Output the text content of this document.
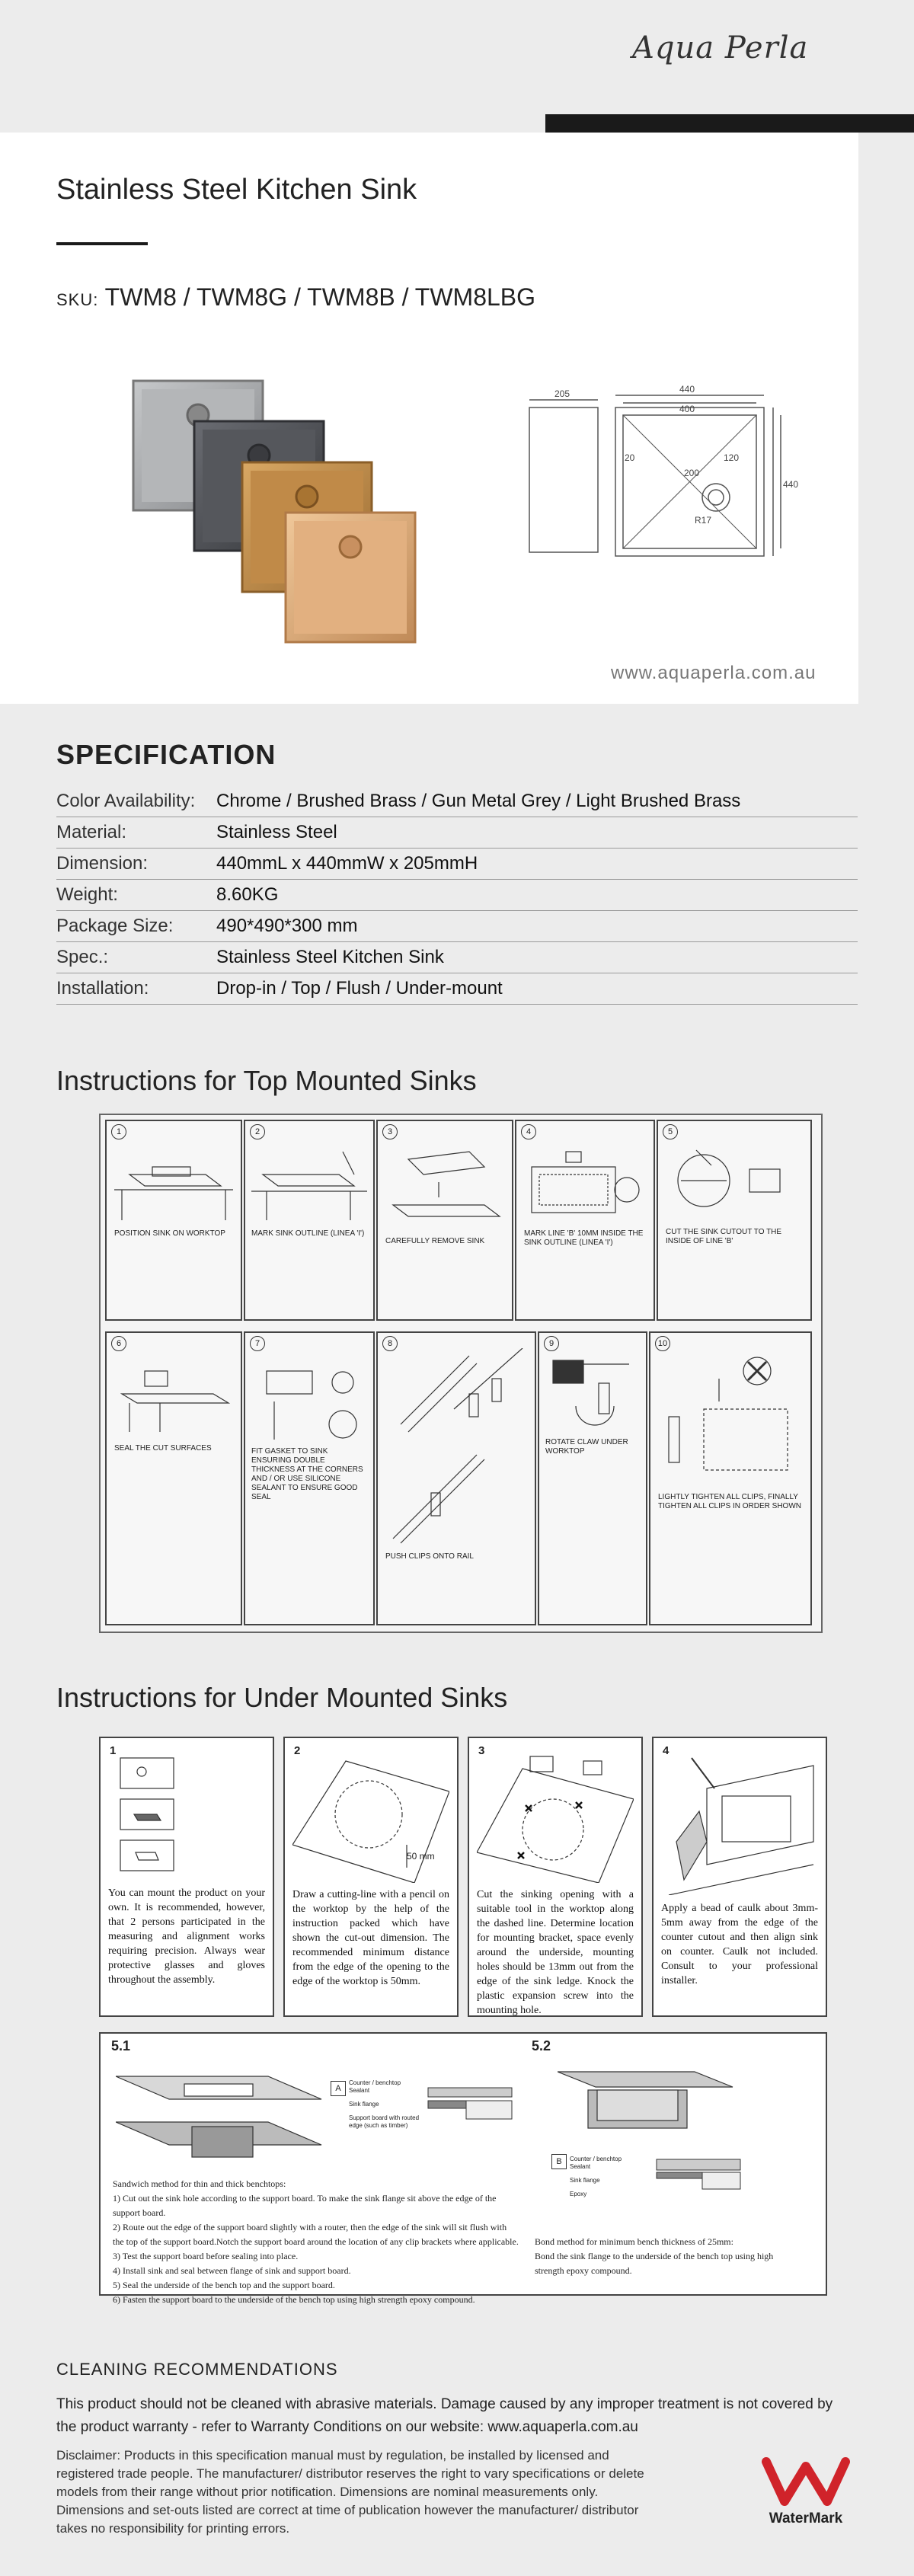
Aqua Perla
Stainless Steel Kitchen Sink
SKU: TWM8 / TWM8G / TWM8B / TWM8LBG
205	440
400
20	120
200
440
R17
www.aquaperla.com.au
SPECIFICATION
Color Availability: Chrome / Brushed Brass / Gun Metal Grey / Light Brushed Brass
Material:	Stainless Steel
Dimension:	440mmL x 440mmW x 205mmH
Weight:	8.60KG
Package Size: 490*490*300 mm
Spec.:	Stainless Steel Kitchen Sink
Installation:	Drop-in / Top / Flush / Under-mount
Instructions for Top Mounted Sinks
1
POSITION SINK ON WORKTOP
2
MARK SINK OUTLINE (LINEA 'I')
3
CAREFULLY REMOVE SINK
4
MARK LINE 'B' 10MM INSIDE THE SINK OUTLINE (LINEA 'I')
5
CUT THE SINK CUTOUT TO THE INSIDE OF LINE 'B'
6
SEAL THE CUT SURFACES
7
FIT GASKET TO SINK ENSURING DOUBLE THICKNESS AT THE CORNERS AND / OR USE SILICONE SEALANT TO ENSURE GOOD SEAL
8
PUSH CLIPS ONTO RAIL
9
ROTATE CLAW UNDER WORKTOP
10
LIGHTLY TIGHTEN ALL CLIPS, FINALLY TIGHTEN ALL CLIPS IN ORDER SHOWN
Instructions for Under Mounted Sinks
1
You can mount the product on your own. It is recommended, however, that 2 persons participated in the measuring and alignment works requiring precision. Always wear protective glasses and gloves throughout the assembly.
2
50 mm
Draw a cutting-line with a pencil on the worktop by the help of the instruction packed which have shown the cut-out dimension. The recommended minimum distance from the edge of the opening to the edge of the worktop is 50mm.
3
Cut the sinking opening with a suitable tool in the worktop along the dashed line. Determine location for mounting bracket, space evenly around the underside, mounting holes should be 13mm out from the edge of the sink ledge. Knock the plastic expansion screw into the mounting hole.
4
Apply a bead of caulk about 3mm-5mm away from the edge of the counter cutout and then align sink on counter. Caulk not included. Consult to your professional installer.
5.1	5.2
A
Counter / benchtop
Sealant
Sink flange
Support board with routed edge (such as timber)
Sandwich method for thin and thick benchtops:
1) Cut out the sink hole according to the support board. To make the sink flange sit above the edge of the
support board.
2) Route out the edge of the support board slightly with a router, then the edge of the sink will sit flush with
the top of the support board.Notch the support board around the location of any clip brackets where applicable.
3) Test the support board before sealing into place.
4) Install sink and seal between flange of sink and support board.
5) Seal the underside of the bench top and the support board.
6) Fasten the support board to the underside of the bench top using high strength epoxy compound.
B	Counter / benchtop
Sealant
Sink flange
Epoxy
Bond method for minimum bench thickness of 25mm:
Bond the sink flange to the underside of the bench top using high
strength epoxy compound.
CLEANING RECOMMENDATIONS
This product should not be cleaned with abrasive materials. Damage caused by any improper treatment is not covered by the product warranty - refer to Warranty Conditions on our website: www.aquaperla.com.au
Disclaimer: Products in this specification manual must by regulation, be installed by licensed and registered trade people. The manufacturer/ distributor reserves the right to vary specifications or delete models from their range without prior notification. Dimensions are nominal measurements only. Dimensions and set-outs listed are correct at time of publication however the manufacturer/ distributor takes no responsibility for printing errors.
WaterMark
